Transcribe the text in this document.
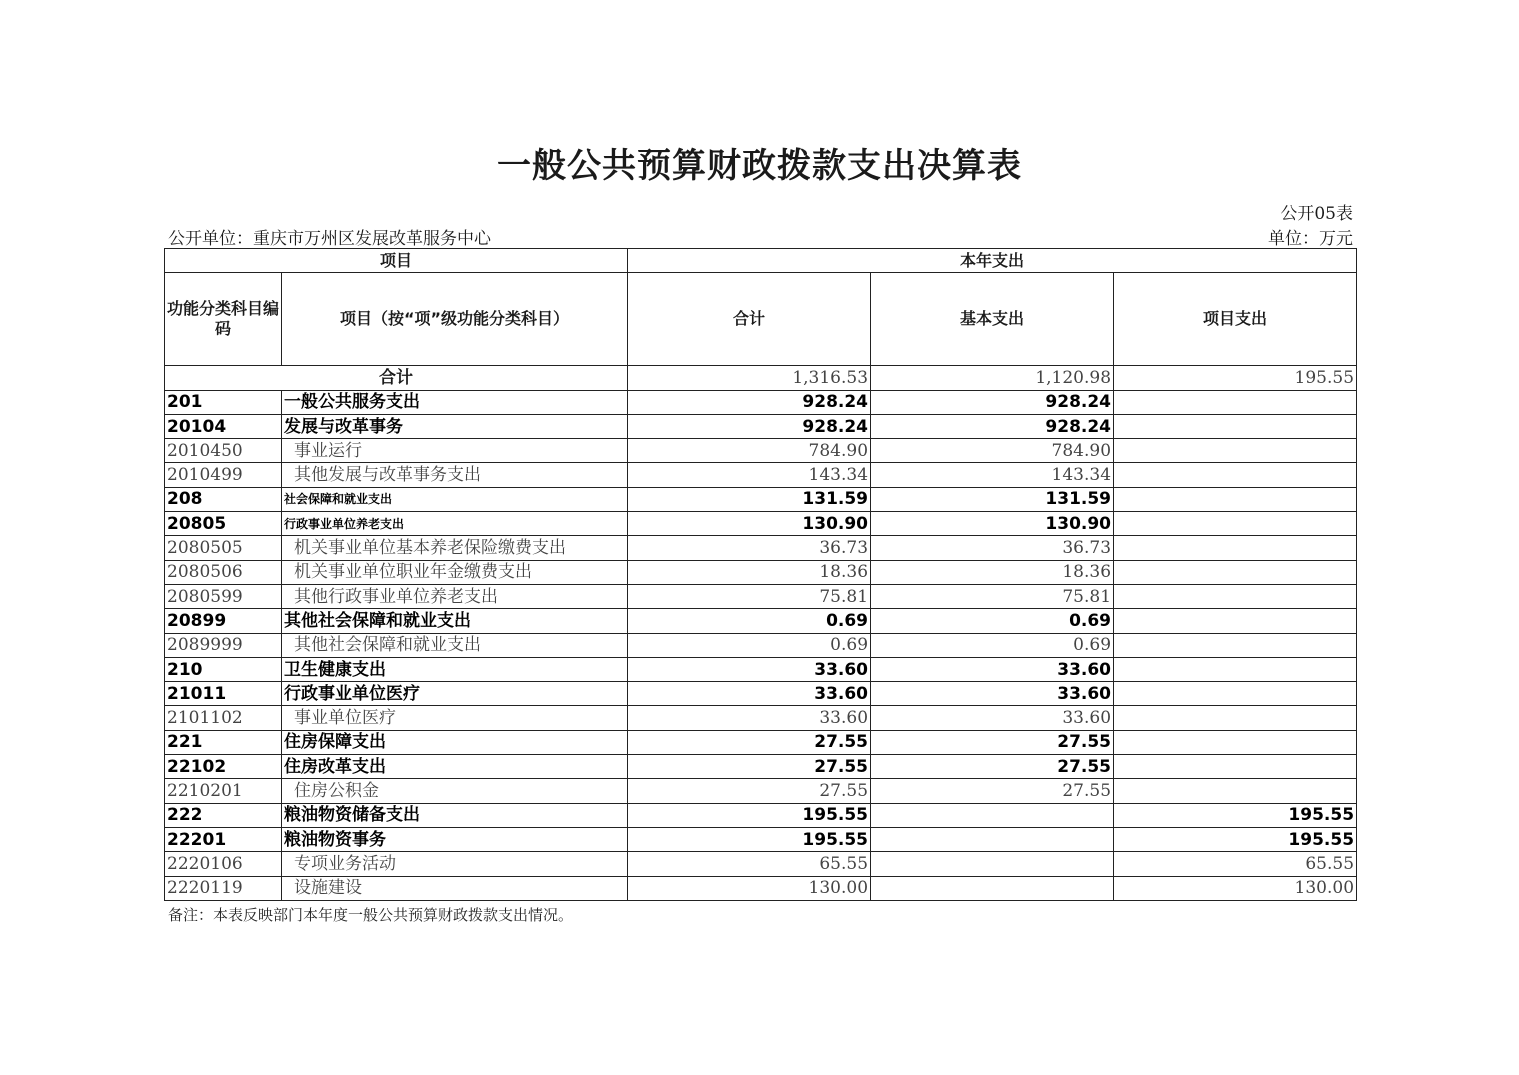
一般公共预算财政拨款支出决算表
公开05表
公开单位：重庆市万州区发展改革服务中心	单位：万元
项目		本年支出		
功能分类科目编码	项目（按“项”级功能分类科目）	合计	基本支出	项目支出
合计		1,316.53	1,120.98	195.55
201	一般公共服务支出	928.24	928.24	
20104	发展与改革事务	928.24	928.24	
2010450	事业运行	784.90	784.90	
2010499	其他发展与改革事务支出	143.34	143.34	
208	社会保障和就业支出	131.59	131.59	
20805	行政事业单位养老支出	130.90	130.90	
2080505	机关事业单位基本养老保险缴费支出	36.73	36.73	
2080506	机关事业单位职业年金缴费支出	18.36	18.36	
2080599	其他行政事业单位养老支出	75.81	75.81	
20899	其他社会保障和就业支出	0.69	0.69	
2089999	其他社会保障和就业支出	0.69	0.69	
210	卫生健康支出	33.60	33.60	
21011	行政事业单位医疗	33.60	33.60	
2101102	事业单位医疗	33.60	33.60	
221	住房保障支出	27.55	27.55	
22102	住房改革支出	27.55	27.55	
2210201	住房公积金	27.55	27.55	
222	粮油物资储备支出	195.55		195.55
22201	粮油物资事务	195.55		195.55
2220106	专项业务活动	65.55		65.55
2220119	设施建设	130.00		130.00
备注：本表反映部门本年度一般公共预算财政拨款支出情况。
